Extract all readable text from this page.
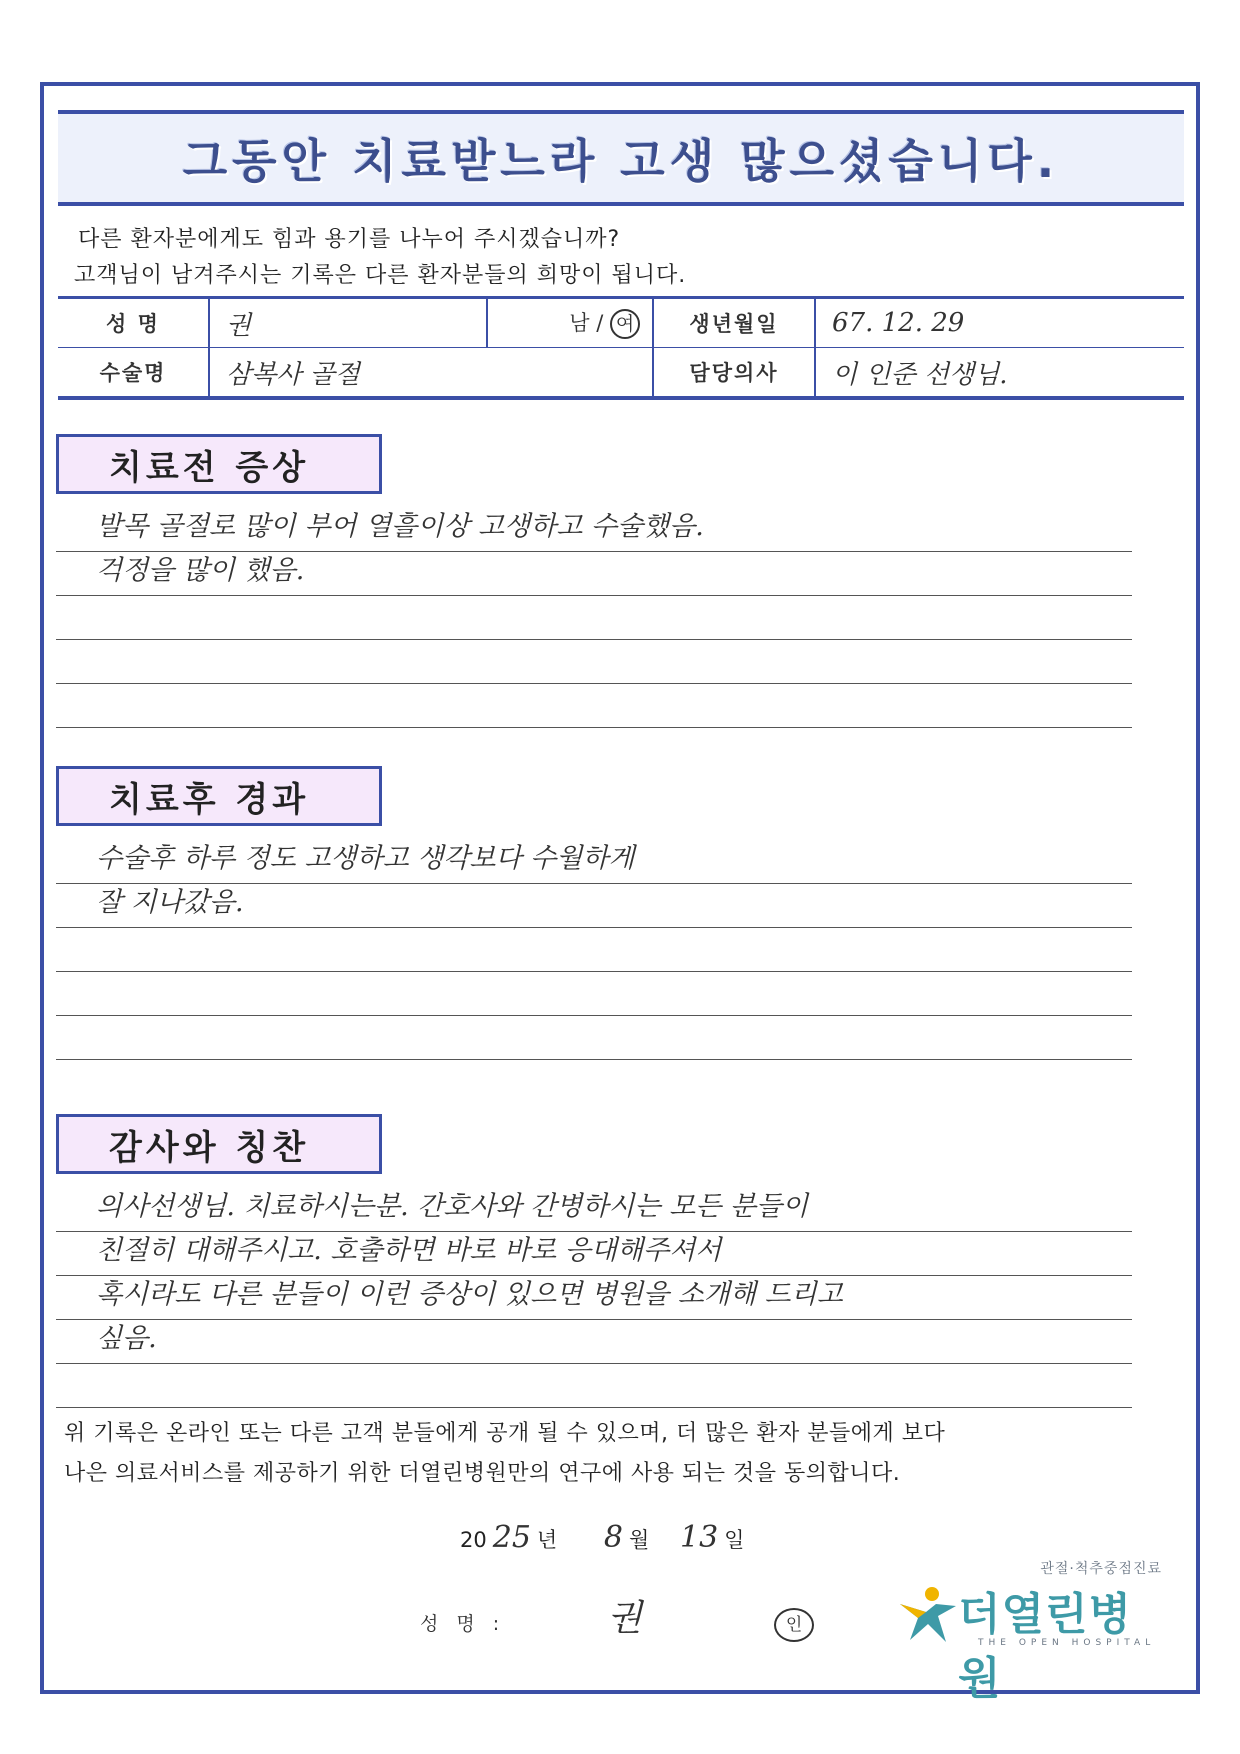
그동안 치료받느라 고생 많으셨습니다.
다른 환자분에게도 힘과 용기를 나누어 주시겠습니까?
고객님이 남겨주시는 기록은 다른 환자분들의 희망이 됩니다.
성 명	권	남 / 여	생년월일	67. 12. 29
수술명	삼복사 골절		담당의사	이 인준 선생님.
치료전 증상
발목 골절로 많이 부어 열흘이상 고생하고 수술했음.
걱정을 많이 했음.
치료후 경과
수술후 하루 정도 고생하고 생각보다 수월하게
잘 지나갔음.
감사와 칭찬
의사선생님. 치료하시는분. 간호사와 간병하시는 모든 분들이
친절히 대해주시고. 호출하면 바로 바로 응대해주셔서
혹시라도 다른 분들이 이런 증상이 있으면 병원을 소개해 드리고
싶음.
위 기록은 온라인 또는 다른 고객 분들에게 공개 될 수 있으며, 더 많은 환자 분들에게 보다
나은 의료서비스를 제공하기 위한 더열린병원만의 연구에 사용 되는 것을 동의합니다.
20 25 년 8 월 13 일
성 명 :	권	인
관절·척추중점진료
더열린병원
THE OPEN HOSPITAL
